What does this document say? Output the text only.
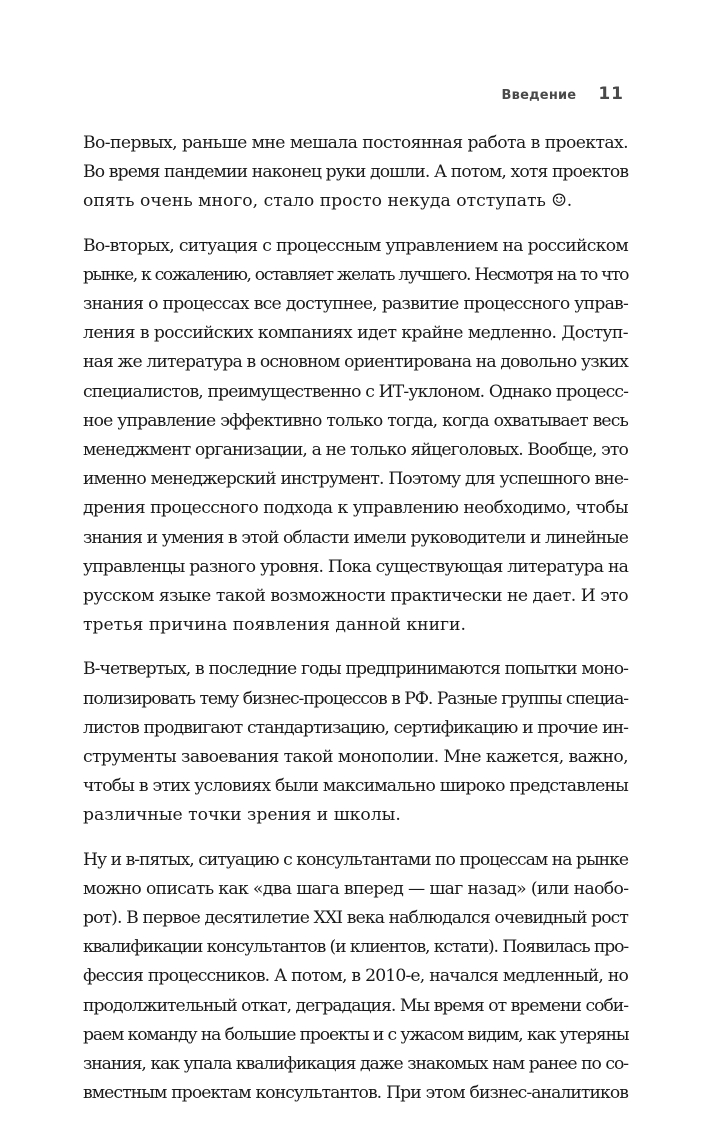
Введение 11

Во-первых, раньше мне мешала постоянная работа в проектах.
Во время пандемии наконец руки дошли. А потом, хотя проектов
опять очень много, стало просто некуда отступать ☺.

Во-вторых, ситуация с процессным управлением на российском
рынке, к сожалению, оставляет желать лучшего. Несмотря на то что
знания о процессах все доступнее, развитие процессного управ-
ления в российских компаниях идет крайне медленно. Доступ-
ная же литература в основном ориентирована на довольно узких
специалистов, преимущественно с ИТ-уклоном. Однако процесс-
ное управление эффективно только тогда, когда охватывает весь
менеджмент организации, а не только яйцеголовых. Вообще, это
именно менеджерский инструмент. Поэтому для успешного вне-
дрения процессного подхода к управлению необходимо, чтобы
знания и умения в этой области имели руководители и линейные
управленцы разного уровня. Пока существующая литература на
русском языке такой возможности практически не дает. И это
третья причина появления данной книги.

В-четвертых, в последние годы предпринимаются попытки моно-
полизировать тему бизнес-процессов в РФ. Разные группы специа-
листов продвигают стандартизацию, сертификацию и прочие ин-
струменты завоевания такой монополии. Мне кажется, важно,
чтобы в этих условиях были максимально широко представлены
различные точки зрения и школы.

Ну и в-пятых, ситуацию с консультантами по процессам на рынке
можно описать как «два шага вперед — шаг назад» (или наобо-
рот). В первое десятилетие XXI века наблюдался очевидный рост
квалификации консультантов (и клиентов, кстати). Появилась про-
фессия процессников. А потом, в 2010-е, начался медленный, но
продолжительный откат, деградация. Мы время от времени соби-
раем команду на большие проекты и с ужасом видим, как утеряны
знания, как упала квалификация даже знакомых нам ранее по со-
вместным проектам консультантов. При этом бизнес-аналитиков
